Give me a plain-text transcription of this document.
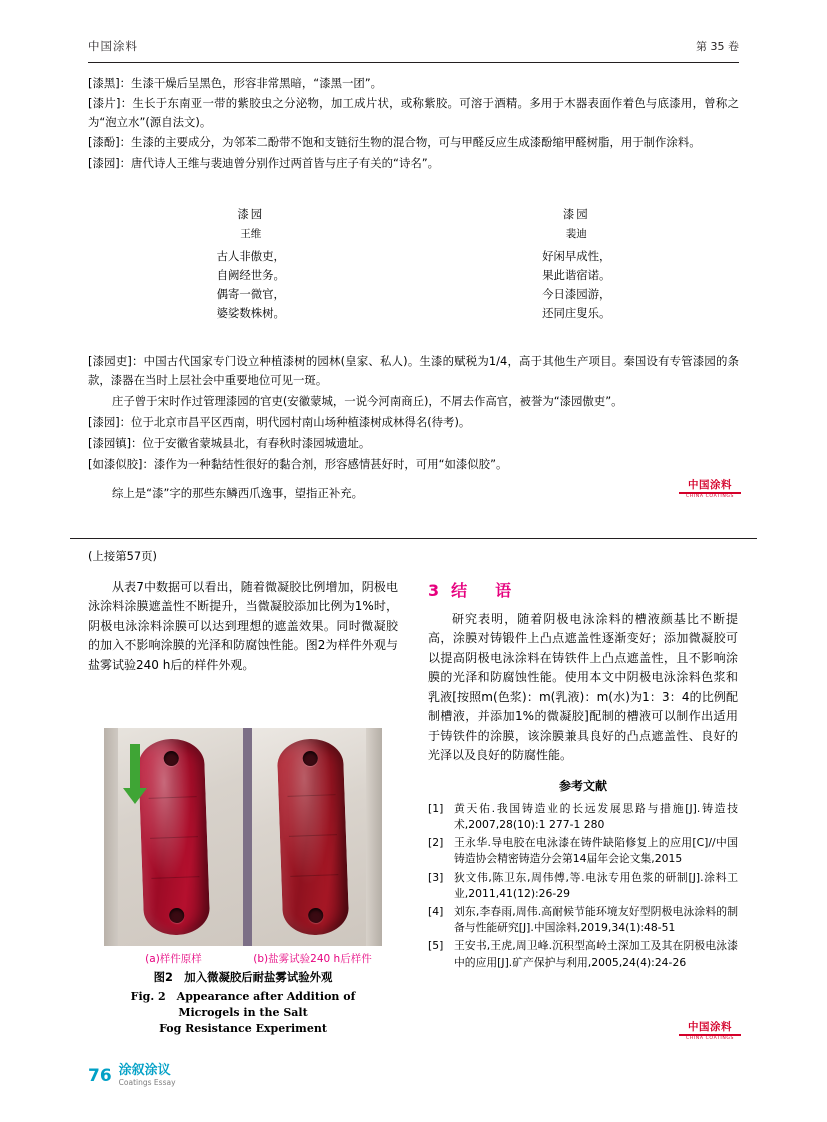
中国涂料	第 35 卷

[漆黑]：生漆干燥后呈黑色，形容非常黑暗，“漆黑一团”。

[漆片]：生长于东南亚一带的紫胶虫之分泌物，加工成片状，或称紫胶。可溶于酒精。多用于木器表面作着色与底漆用，曾称之为“泡立水”(源自法文)。

[漆酚]：生漆的主要成分，为邻苯二酚带不饱和支链衍生物的混合物，可与甲醛反应生成漆酚缩甲醛树脂，用于制作涂料。

[漆园]：唐代诗人王维与裴迪曾分别作过两首皆与庄子有关的“诗名”。

漆园
王维
古人非傲吏，
自阙经世务。
偶寄一微官，
婆娑数株树。
漆园
裴迪
好闲早成性，
果此谐宿诺。
今日漆园游，
还同庄叟乐。

[漆园吏]：中国古代国家专门设立种植漆树的园林(皇家、私人)。生漆的赋税为1/4，高于其他生产项目。秦国设有专管漆园的条款，漆器在当时上层社会中重要地位可见一斑。

庄子曾于宋时作过管理漆园的官吏(安徽蒙城，一说今河南商丘)，不屑去作高官，被誉为“漆园傲吏”。

[漆园]：位于北京市昌平区西南，明代园村南山场种植漆树成林得名(待考)。

[漆园镇]：位于安徽省蒙城县北，有春秋时漆园城遗址。

[如漆似胶]：漆作为一种黏结性很好的黏合剂，形容感情甚好时，可用“如漆似胶”。

综上是“漆”字的那些东鳞西爪逸事，望指正补充。
中国涂料
CHINA COATINGS
(上接第57页)

从表7中数据可以看出，随着微凝胶比例增加，阴极电泳涂料涂膜遮盖性不断提升，当微凝胶添加比例为1%时，阴极电泳涂料涂膜可以达到理想的遮盖效果。同时微凝胶的加入不影响涂膜的光泽和防腐蚀性能。图2为样件外观与盐雾试验240 h后的样件外观。

(a)样件原样	(b)盐雾试验240 h后样件
图2　加入微凝胶后耐盐雾试验外观
Fig. 2　Appearance after Addition of Microgels in the Salt
Fog Resistance Experiment
3 结　语

研究表明，随着阴极电泳涂料的槽液颜基比不断提高，涂膜对铸锻件上凸点遮盖性逐渐变好；添加微凝胶可以提高阴极电泳涂料在铸铁件上凸点遮盖性，且不影响涂膜的光泽和防腐蚀性能。使用本文中阴极电泳涂料色浆和乳液[按照m(色浆)：m(乳液)：m(水)为1：3：4的比例配制槽液，并添加1%的微凝胶]配制的槽液可以制作出适用于铸铁件的涂膜，该涂膜兼具良好的凸点遮盖性、良好的光泽以及良好的防腐性能。

参考文献
[1] 黄天佑.我国铸造业的长远发展思路与措施[J].铸造技术,2007,28(10):1 277-1 280
[2] 王永华.导电胶在电泳漆在铸件缺陷修复上的应用[C]//中国铸造协会精密铸造分会第14届年会论文集,2015
[3] 狄文伟,陈卫东,周伟傅,等.电泳专用色浆的研制[J].涂料工业,2011,41(12):26-29
[4] 刘东,李春雨,周伟.高耐候节能环境友好型阴极电泳涂料的制备与性能研究[J].中国涂料,2019,34(1):48-51
[5] 王安书,王虎,周卫峰.沉积型高岭土深加工及其在阴极电泳漆中的应用[J].矿产保护与利用,2005,24(4):24-26
中国涂料
CHINA COATINGS
76 涂叙涂议
Coatings Essay
